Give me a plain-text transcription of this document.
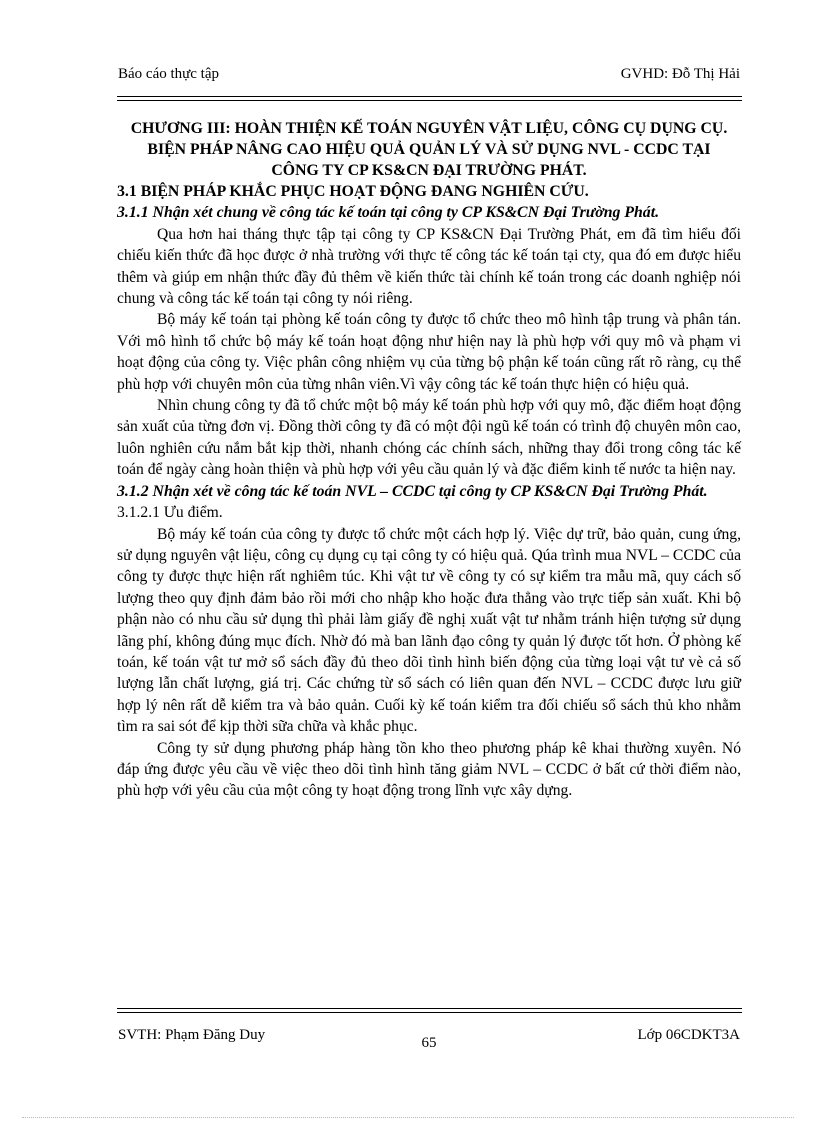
Báo cáo thực tập	GVHD: Đỗ Thị Hải

CHƯƠNG III: HOÀN THIỆN KẾ TOÁN NGUYÊN VẬT LIỆU, CÔNG CỤ DỤNG CỤ. BIỆN PHÁP NÂNG CAO HIỆU QUẢ QUẢN LÝ VÀ SỬ DỤNG NVL - CCDC TẠI CÔNG TY CP KS&CN ĐẠI TRƯỜNG PHÁT.

3.1 BIỆN PHÁP KHẮC PHỤC HOẠT ĐỘNG ĐANG NGHIÊN CỨU.

3.1.1 Nhận xét chung về công tác kế toán tại công ty CP KS&CN Đại Trường Phát.

Qua hơn hai tháng thực tập tại công ty CP KS&CN Đại Trường Phát, em đã tìm hiểu đối chiếu kiến thức đã học được ở nhà trường với thực tế công tác kế toán tại cty, qua đó em được hiểu thêm và giúp em nhận thức đầy đủ thêm về kiến thức tài chính kế toán trong các doanh nghiệp nói chung và công tác kế toán tại công ty nói riêng.

Bộ máy kế toán tại phòng kế toán công ty được tổ chức theo mô hình tập trung và phân tán. Với mô hình tổ chức bộ máy kế toán hoạt động như hiện nay là phù hợp với quy mô và phạm vi hoạt động của công ty. Việc phân công nhiệm vụ của từng bộ phận kế toán cũng rất rõ ràng, cụ thể phù hợp với chuyên môn của từng nhân viên.Vì vậy công tác kế toán thực hiện có hiệu quả.

Nhìn chung công ty đã tổ chức một bộ máy kế toán phù hợp với quy mô, đặc điểm hoạt động sản xuất của từng đơn vị. Đồng thời công ty đã có một đội ngũ kế toán có trình độ chuyên môn cao, luôn nghiên cứu nắm bắt kịp thời, nhanh chóng các chính sách, những thay đổi trong công tác kế toán để ngày càng hoàn thiện và phù hợp với yêu cầu quản lý và đặc điểm kinh tế nước ta hiện nay.

3.1.2 Nhận xét về công tác kế toán NVL – CCDC tại công ty CP KS&CN Đại Trường Phát.

3.1.2.1 Ưu điểm.

Bộ máy kế toán của công ty được tổ chức một cách hợp lý. Việc dự trữ, bảo quản, cung ứng, sử dụng nguyên vật liệu, công cụ dụng cụ tại công ty có hiệu quả. Qúa trình mua NVL – CCDC của công ty được thực hiện rất nghiêm túc. Khi vật tư về công ty có sự kiểm tra mẫu mã, quy cách số lượng theo quy định đảm bảo rồi mới cho nhập kho hoặc đưa thẳng vào trực tiếp sản xuất. Khi bộ phận nào có nhu cầu sử dụng thì phải làm giấy đề nghị xuất vật tư nhằm tránh hiện tượng sử dụng lãng phí, không đúng mục đích. Nhờ đó mà ban lãnh đạo công ty quản lý được tốt hơn. Ở phòng kế toán, kế toán vật tư mở sổ sách đầy đủ theo dõi tình hình biến động của từng loại vật tư vè cả số lượng lẫn chất lượng, giá trị. Các chứng từ sổ sách có liên quan đến NVL – CCDC được lưu giữ hợp lý nên rất dễ kiểm tra và bảo quản. Cuối kỳ kế toán kiểm tra đối chiếu sổ sách thủ kho nhằm tìm ra sai sót để kịp thời sữa chữa và khắc phục.

Công ty sử dụng phương pháp hàng tồn kho theo phương pháp kê khai thường xuyên. Nó đáp ứng được yêu cầu về việc theo dõi tình hình tăng giảm NVL – CCDC ở bất cứ thời điểm nào, phù hợp với yêu cầu của một công ty hoạt động trong lĩnh vực xây dựng.

SVTH: Phạm Đăng Duy	65	Lớp 06CDKT3A
